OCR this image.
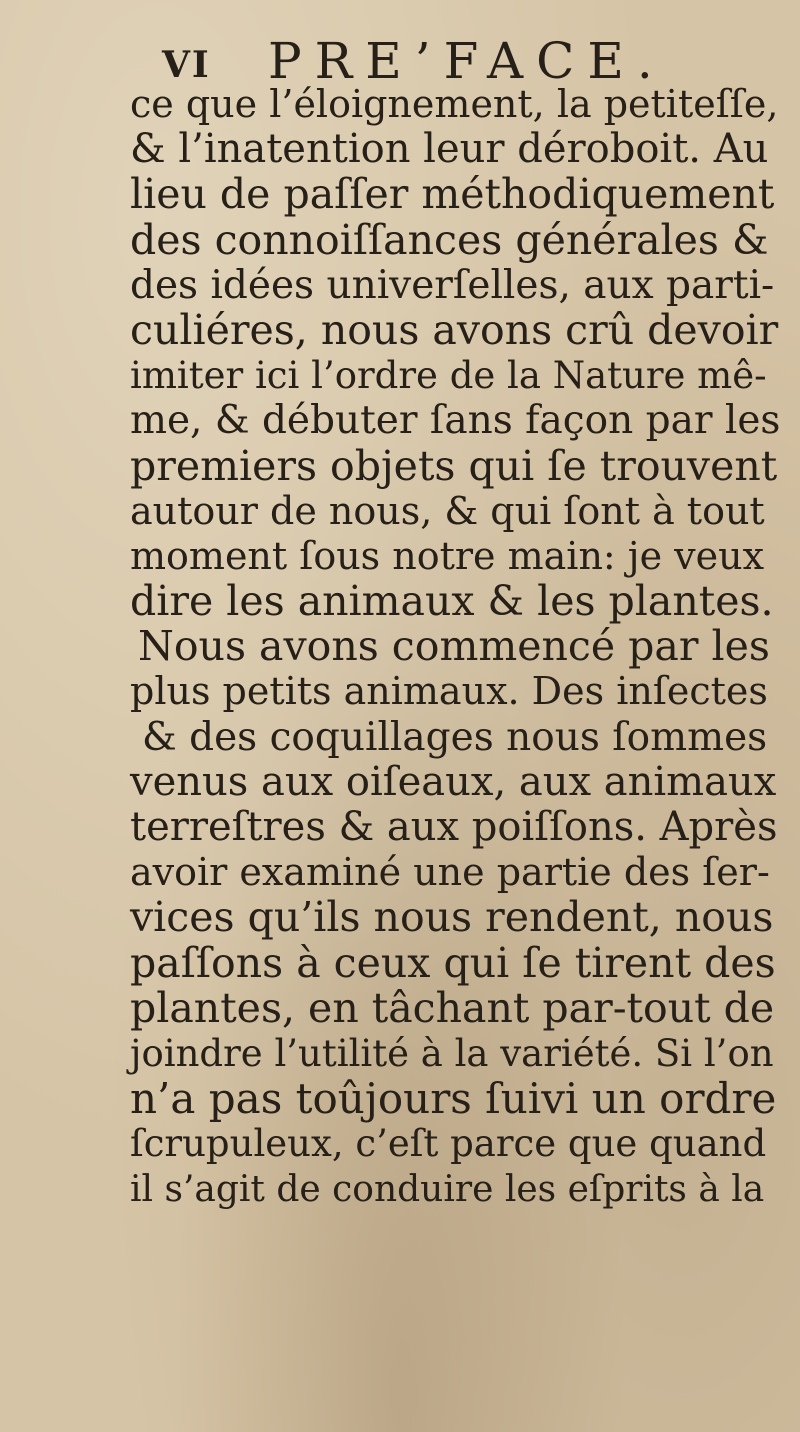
VI PRE’FACE.
ce que l’éloignement, la petiteſſe,
& l’inatention leur déroboit. Au
lieu de paſſer méthodiquement
des connoiſſances générales &
des idées univerſelles, aux parti-
culiéres, nous avons crû devoir
imiter ici l’ordre de la Nature mê-
me, & débuter ſans façon par les
premiers objets qui ſe trouvent
autour de nous, & qui ſont à tout
moment ſous notre main: je veux
dire les animaux & les plantes.
Nous avons commencé par les
plus petits animaux. Des inſectes
& des coquillages nous ſommes
venus aux oiſeaux, aux animaux
terreſtres & aux poiſſons. Après
avoir examiné une partie des ſer-
vices qu’ils nous rendent, nous
paſſons à ceux qui ſe tirent des
plantes, en tâchant par-tout de
joindre l’utilité à la variété. Si l’on
n’a pas toûjours ſuivi un ordre
ſcrupuleux, c’eſt parce que quand
il s’agit de conduire les eſprits à la
